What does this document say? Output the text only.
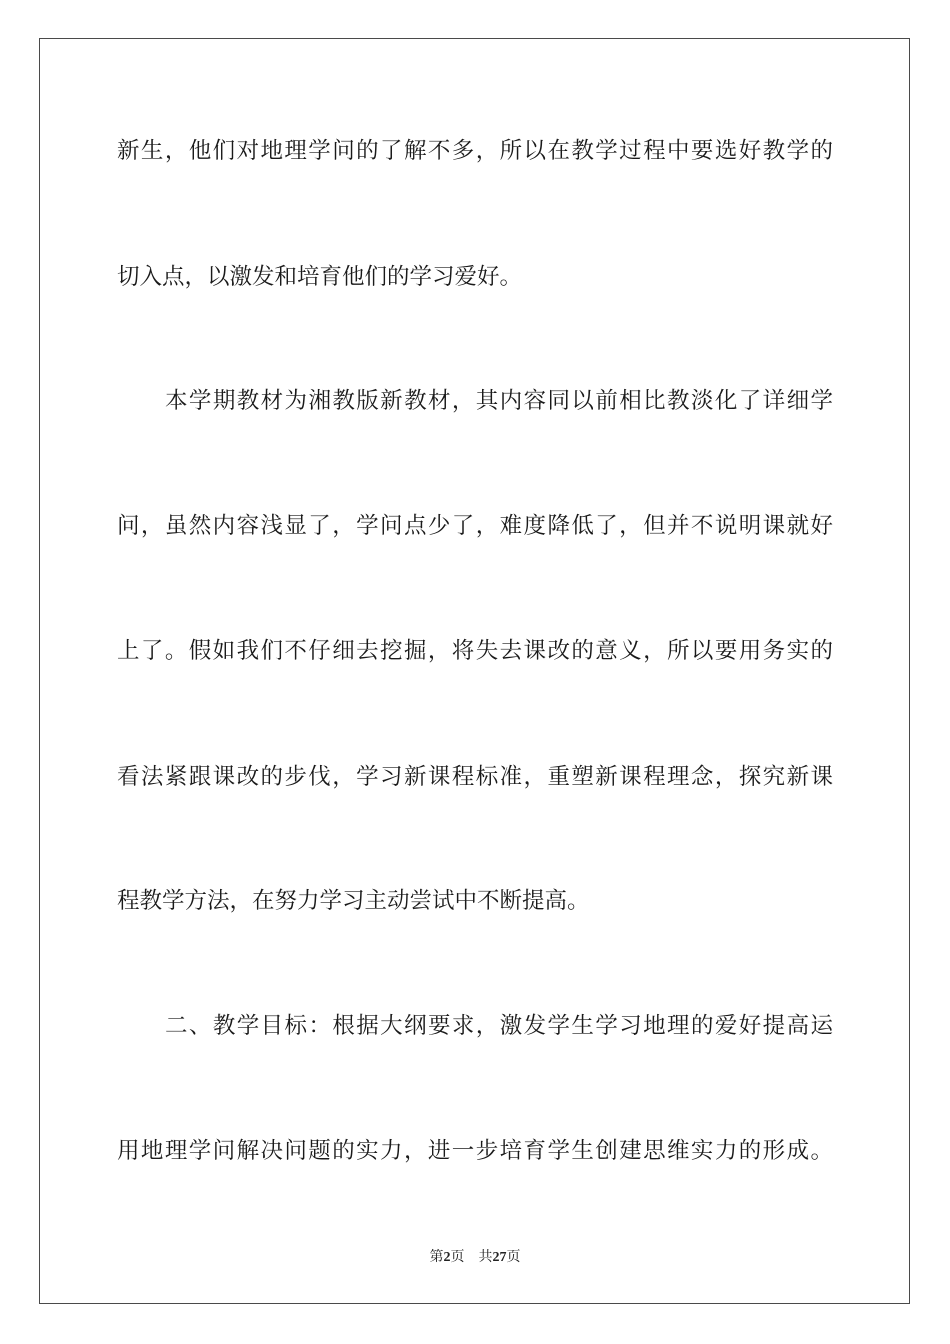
新生，他们对地理学问的了解不多，所以在教学过程中要选好教学的
切入点，以激发和培育他们的学习爱好。
本学期教材为湘教版新教材，其内容同以前相比教淡化了详细学
问，虽然内容浅显了，学问点少了，难度降低了，但并不说明课就好
上了。假如我们不仔细去挖掘，将失去课改的意义，所以要用务实的
看法紧跟课改的步伐，学习新课程标准，重塑新课程理念，探究新课
程教学方法，在努力学习主动尝试中不断提高。
二、教学目标：根据大纲要求，激发学生学习地理的爱好提高运
用地理学问解决问题的实力，进一步培育学生创建思维实力的形成。
第2页 共27页
